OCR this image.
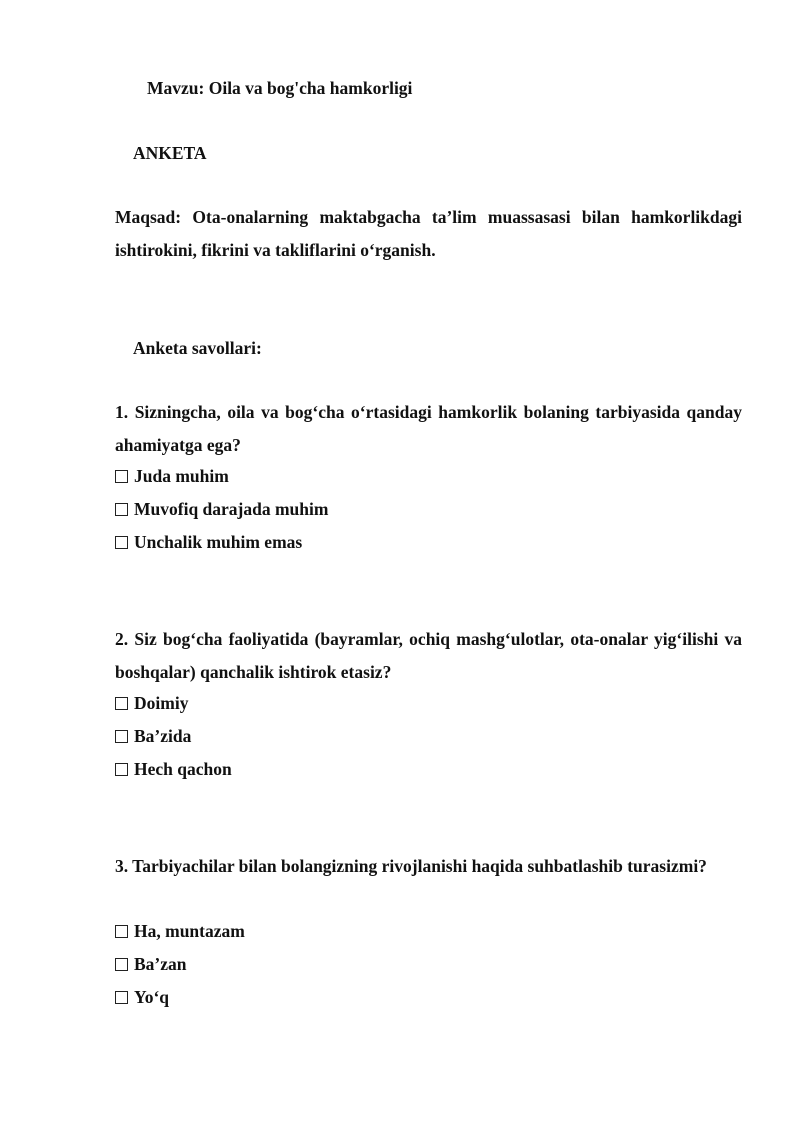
Mavzu: Oila va bog'cha hamkorligi
ANKETA
Maqsad: Ota-onalarning maktabgacha ta’lim muassasasi bilan hamkorlikdagi ishtirokini, fikrini va takliflarini o‘rganish.
Anketa savollari:
1. Sizningcha, oila va bog‘cha o‘rtasidagi hamkorlik bolaning tarbiyasida qanday ahamiyatga ega?
Juda muhim
Muvofiq darajada muhim
Unchalik muhim emas
2. Siz bog‘cha faoliyatida (bayramlar, ochiq mashg‘ulotlar, ota-onalar yig‘ilishi va boshqalar) qanchalik ishtirok etasiz?
Doimiy
Ba’zida
Hech qachon
3. Tarbiyachilar bilan bolangizning rivojlanishi haqida suhbatlashib turasizmi?
Ha, muntazam
Ba’zan
Yo‘q
